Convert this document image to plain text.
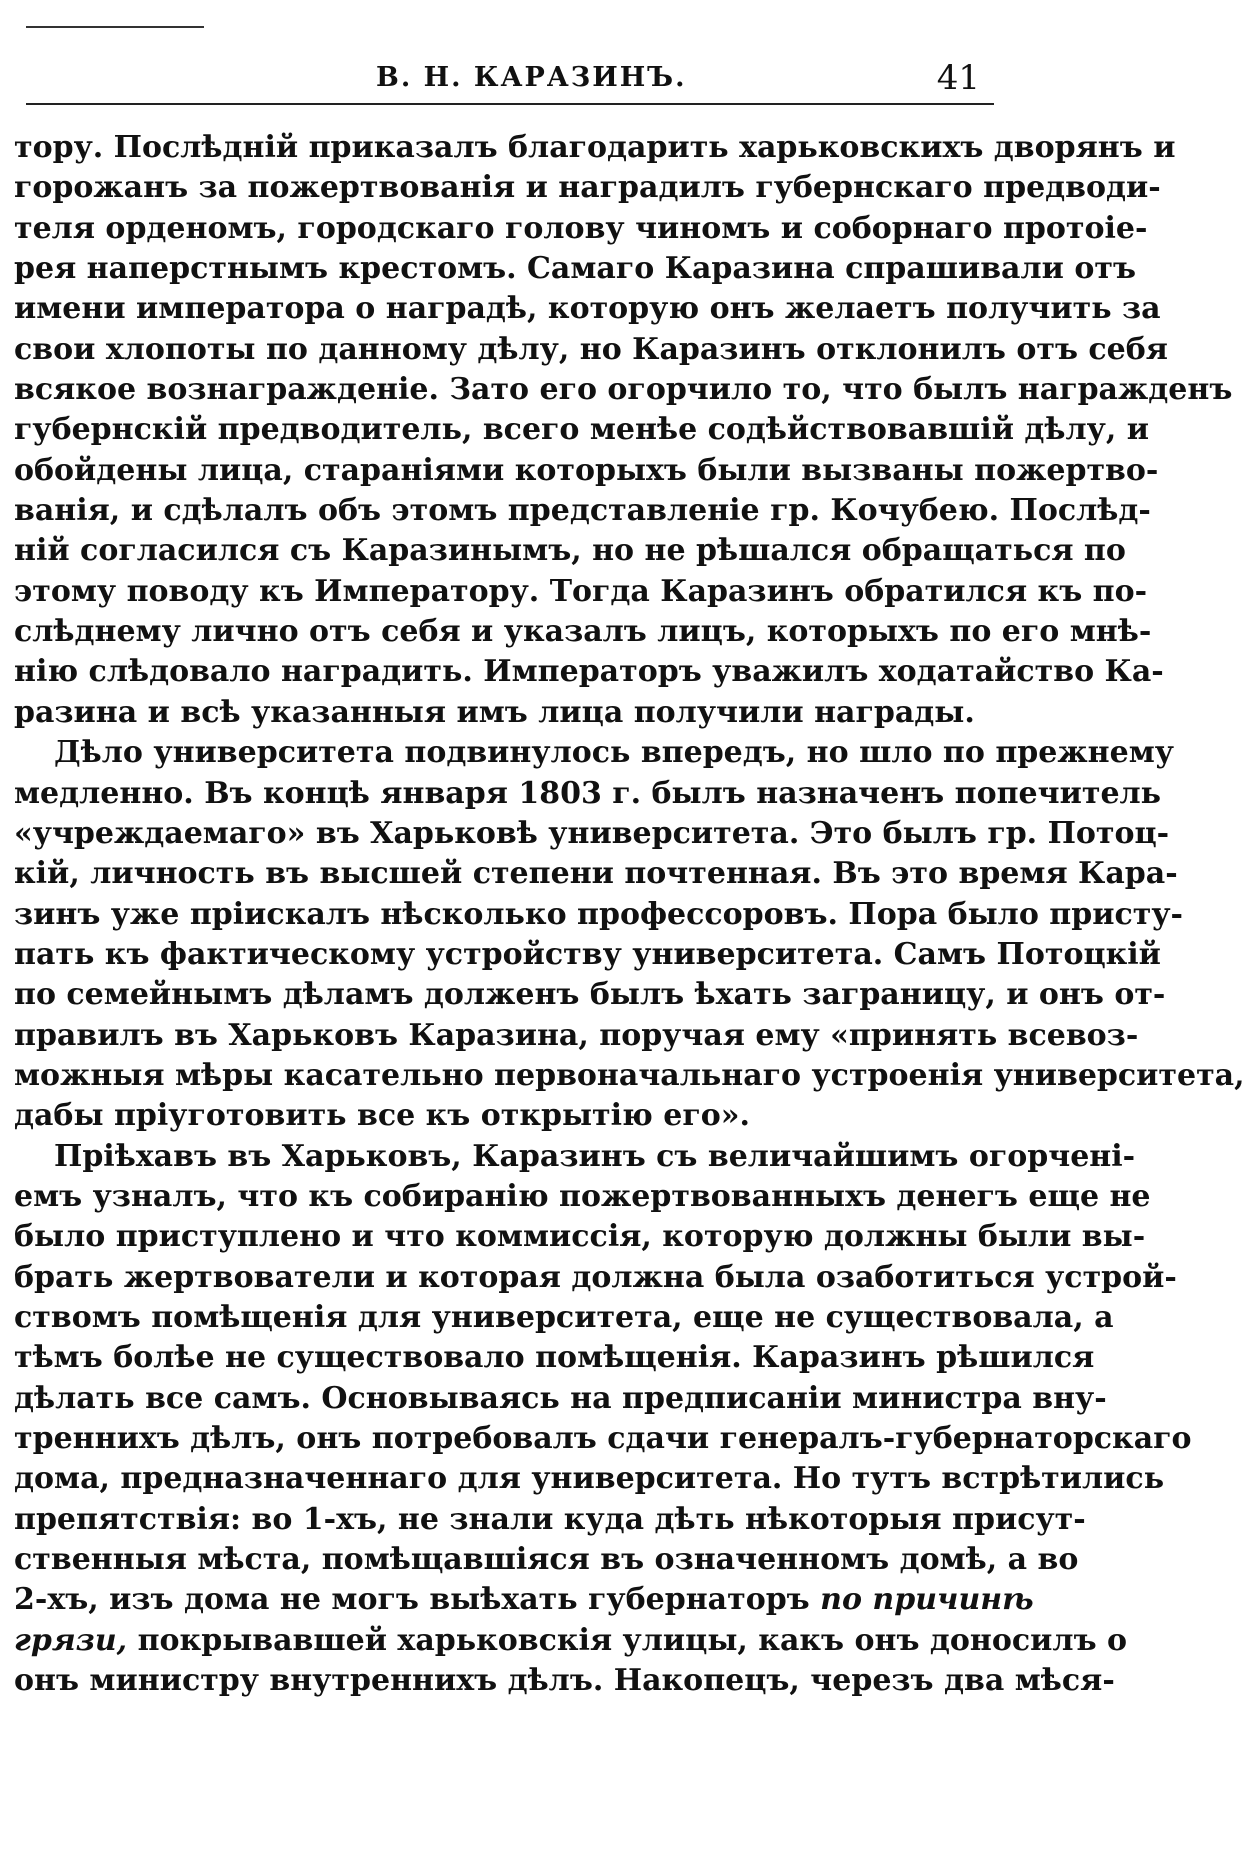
В. Н. КАРАЗИНЪ.	41
тору. Послѣднiй приказалъ благодарить харьковскихъ дворянъ и
горожанъ за пожертвованiя и наградилъ губернскаго предводи-
теля орденомъ, городскаго голову чиномъ и соборнаго протоiе-
рея наперстнымъ крестомъ. Самаго Каразина спрашивали отъ
имени императора о наградѣ, которую онъ желаетъ получить за
свои хлопоты по данному дѣлу, но Каразинъ отклонилъ отъ себя
всякое вознагражденiе. Зато его огорчило то, что былъ награжденъ
губернскiй предводитель, всего менѣе содѣйствовавшiй дѣлу, и
обойдены лица, старанiями которыхъ были вызваны пожертво-
ванiя, и сдѣлалъ объ этомъ представленiе гр. Кочубею. Послѣд-
нiй согласился съ Каразинымъ, но не рѣшался обращаться по
этому поводу къ Императору. Тогда Каразинъ обратился къ по-
слѣднему лично отъ себя и указалъ лицъ, которыхъ по его мнѣ-
нiю слѣдовало наградить. Императоръ уважилъ ходатайство Ка-
разина и всѣ указанныя имъ лица получили награды.
Дѣло университета подвинулось впередъ, но шло по прежнему
медленно. Въ концѣ января 1803 г. былъ назначенъ попечитель
«учреждаемаго» въ Харьковѣ университета. Это былъ гр. Потоц-
кiй, личность въ высшей степени почтенная. Въ это время Кара-
зинъ уже прiискалъ нѣсколько профессоровъ. Пора было присту-
пать къ фактическому устройству университета. Самъ Потоцкiй
по семейнымъ дѣламъ долженъ былъ ѣхать заграницу, и онъ от-
правилъ въ Харьковъ Каразина, поручая ему «принять всевоз-
можныя мѣры касательно первоначальнаго устроенiя университета,
дабы прiуготовить все къ открытiю его».
Прiѣхавъ въ Харьковъ, Каразинъ съ величайшимъ огорченi-
емъ узналъ, что къ собиранiю пожертвованныхъ денегъ еще не
было приступлено и что коммиссiя, которую должны были вы-
брать жертвователи и которая должна была озаботиться устрой-
ствомъ помѣщенiя для университета, еще не существовала, а
тѣмъ болѣе не существовало помѣщенiя. Каразинъ рѣшился
дѣлать все самъ. Основываясь на предписанiи министра вну-
треннихъ дѣлъ, онъ потребовалъ сдачи генералъ-губернаторскаго
дома, предназначеннаго для университета. Но тутъ встрѣтились
препятствiя: во 1-хъ, не знали куда дѣть нѣкоторыя присут-
ственныя мѣста, помѣщавшiяся въ означенномъ домѣ, а во
2-хъ, изъ дома не могъ выѣхать губернаторъ по причинѣ
грязи, покрывавшей харьковскiя улицы, какъ онъ доносилъ о
онъ министру внутреннихъ дѣлъ. Накопецъ, черезъ два мѣся-
